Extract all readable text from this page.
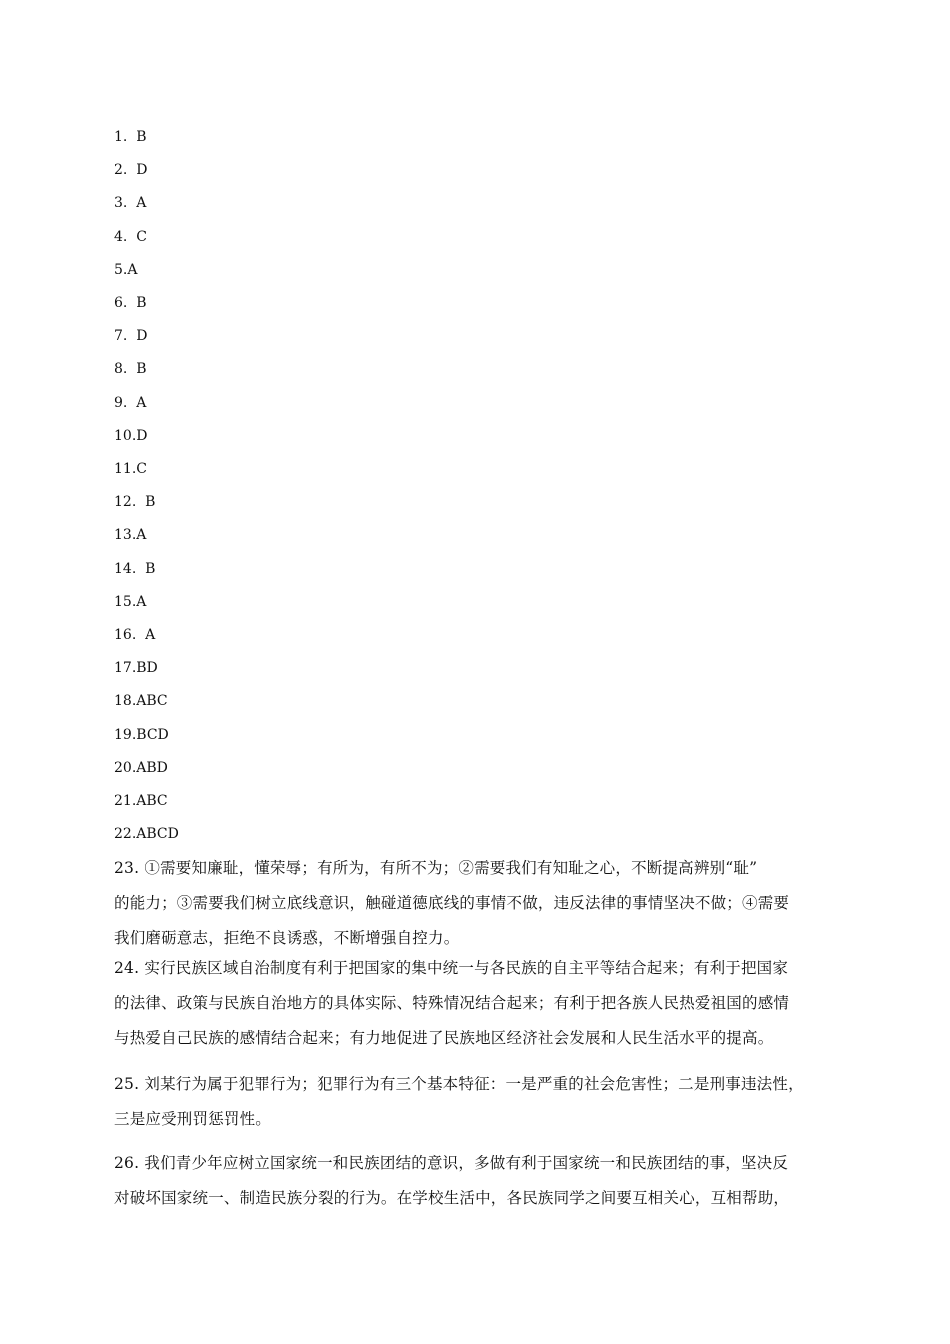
1.  B
2.  D
3.  A
4.  C
5.A
6.  B
7.  D
8.  B
9.  A
10.D
11.C
12.  B
13.A
14.  B
15.A
16.  A
17.BD
18.ABC
19.BCD
20.ABD
21.ABC
22.ABCD

23. ①需要知廉耻，懂荣辱；有所为，有所不为；②需要我们有知耻之心，不断提高辨别“耻”

的能力；③需要我们树立底线意识，触碰道德底线的事情不做，违反法律的事情坚决不做；④需要

我们磨砺意志，拒绝不良诱惑，不断增强自控力。

24. 实行民族区域自治制度有利于把国家的集中统一与各民族的自主平等结合起来；有利于把国家

的法律、政策与民族自治地方的具体实际、特殊情况结合起来；有利于把各族人民热爱祖国的感情

与热爱自己民族的感情结合起来；有力地促进了民族地区经济社会发展和人民生活水平的提高。

25. 刘某行为属于犯罪行为；犯罪行为有三个基本特征：一是严重的社会危害性；二是刑事违法性，

三是应受刑罚惩罚性。

26. 我们青少年应树立国家统一和民族团结的意识，多做有利于国家统一和民族团结的事，坚决反

对破坏国家统一、制造民族分裂的行为。在学校生活中，各民族同学之间要互相关心，互相帮助，
